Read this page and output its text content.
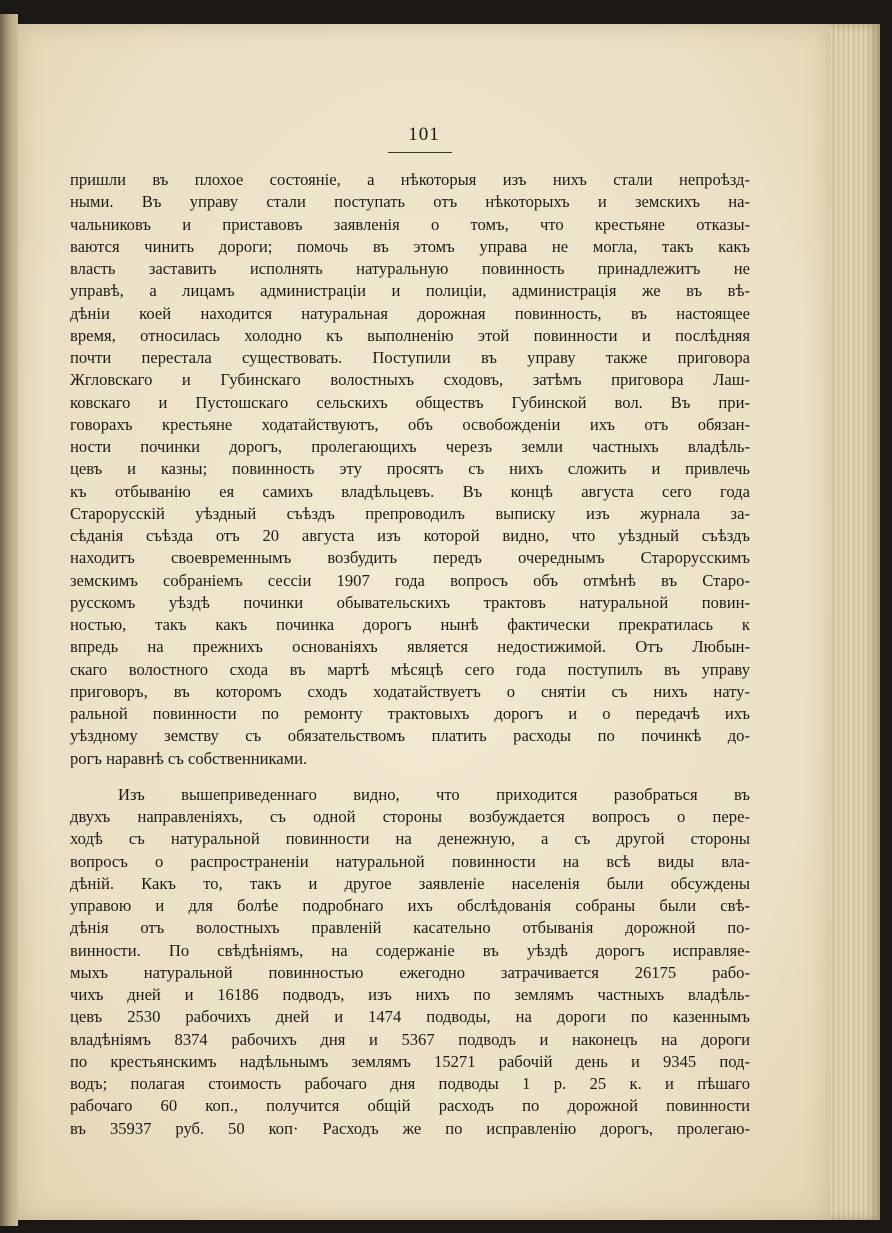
101
пришли въ плохое состояніе, а нѣкоторыя изъ нихъ стали непроѣзд-
ными. Въ управу стали поступать отъ нѣкоторыхъ и земскихъ на-
чальниковъ и приставовъ заявленія о томъ, что крестьяне отказы-
ваются чинить дороги; помочь въ этомъ управа не могла, такъ какъ
власть заставить исполнять натуральную повинность принадлежитъ не
управѣ, а лицамъ администраціи и полиціи, администрація же въ вѣ-
дѣніи коей находится натуральная дорожная повинность, въ настоящее
время, относилась холодно къ выполненію этой повинности и послѣдняя
почти перестала существовать. Поступили въ управу также приговора
Жгловскаго и Губинскаго волостныхъ сходовъ, затѣмъ приговора Лаш-
ковскаго и Пустошскаго сельскихъ обществъ Губинской вол. Въ при-
говорахъ крестьяне ходатайствуютъ, объ освобожденіи ихъ отъ обязан-
ности починки дорогъ, пролегающихъ черезъ земли частныхъ владѣль-
цевъ и казны; повинность эту просятъ съ нихъ сложить и привлечь
къ отбыванію ея самихъ владѣльцевъ. Въ концѣ августа сего года
Старорусскій уѣздный съѣздъ препроводилъ выписку изъ журнала за-
сѣданія съѣзда отъ 20 августа изъ которой видно, что уѣздный съѣздъ
находитъ своевременнымъ возбудить передъ очереднымъ Старорусскимъ
земскимъ собраніемъ сессіи 1907 года вопросъ объ отмѣнѣ въ Старо-
русскомъ уѣздѣ починки обывательскихъ трактовъ натуральной повин-
ностью, такъ какъ починка дорогъ нынѣ фактически прекратилась к
впредь на прежнихъ основаніяхъ является недостижимой. Отъ Любын-
скаго волостного схода въ мартѣ мѣсяцѣ сего года поступилъ въ управу
приговоръ, въ которомъ сходъ ходатайствуетъ о снятіи съ нихъ нату-
ральной повинности по ремонту трактовыхъ дорогъ и о передачѣ ихъ
уѣздному земству съ обязательствомъ платить расходы по починкѣ до-
рогъ наравнѣ съ собственниками.
Изъ вышеприведеннаго видно, что приходится разобраться въ
двухъ направленіяхъ, съ одной стороны возбуждается вопросъ о пере-
ходѣ съ натуральной повинности на денежную, а съ другой стороны
вопросъ о распространеніи натуральной повинности на всѣ виды вла-
дѣній. Какъ то, такъ и другое заявленіе населенія были обсуждены
управою и для болѣе подробнаго ихъ обслѣдованія собраны были свѣ-
дѣнія отъ волостныхъ правленій касательно отбыванія дорожной по-
винности. По свѣдѣніямъ, на содержаніе въ уѣздѣ дорогъ исправляе-
мыхъ натуральной повинностью ежегодно затрачивается 26175 рабо-
чихъ дней и 16186 подводъ, изъ нихъ по землямъ частныхъ владѣль-
цевъ 2530 рабочихъ дней и 1474 подводы, на дороги по казеннымъ
владѣніямъ 8374 рабочихъ дня и 5367 подводъ и наконецъ на дороги
по крестьянскимъ надѣльнымъ землямъ 15271 рабочій день и 9345 под-
водъ; полагая стоимость рабочаго дня подводы 1 р. 25 к. и пѣшаго
рабочаго 60 коп., получится общій расходъ по дорожной повинности
въ 35937 руб. 50 коп· Расходъ же по исправленію дорогъ, пролегаю-
